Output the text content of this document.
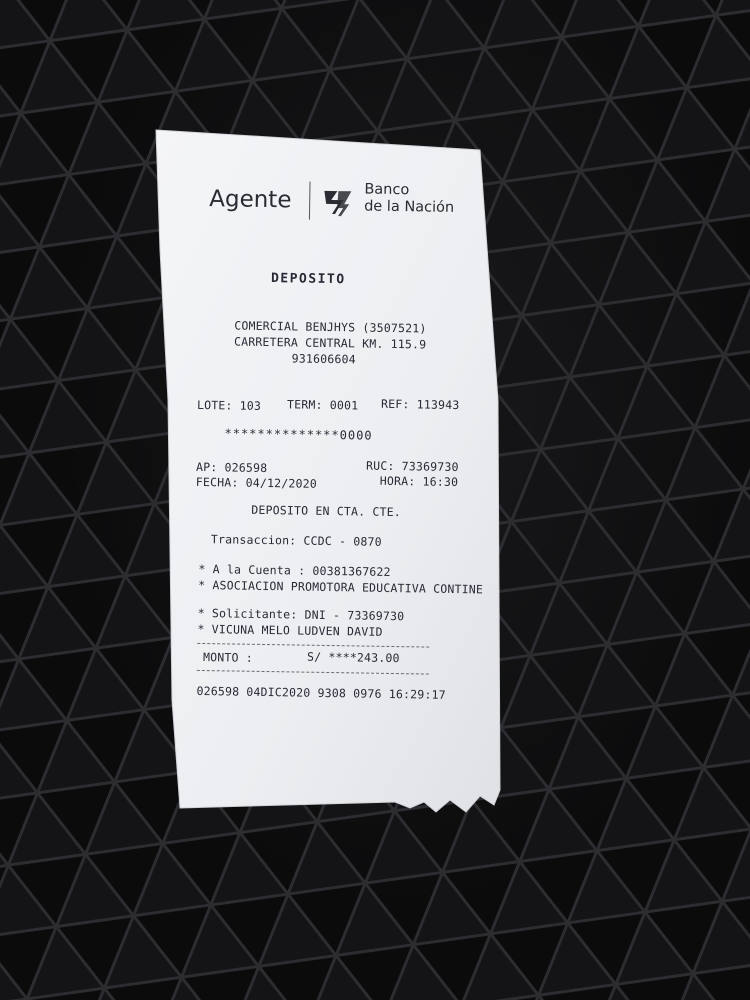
Agente	Banco
de la Nación
DEPOSITO
COMERCIAL BENJHYS (3507521)
CARRETERA CENTRAL KM. 115.9
931606604
LOTE: 103 TERM: 0001 REF: 113943
**************0000
AP: 026598	RUC: 73369730
FECHA: 04/12/2020	HORA: 16:30
DEPOSITO EN CTA. CTE.
Transaccion: CCDC - 0870
* A la Cuenta : 00381367622
* ASOCIACION PROMOTORA EDUCATIVA CONTINE
* Solicitante: DNI - 73369730
* VICUNA MELO LUDVEN DAVID
MONTO :	S/ ****243.00
026598 04DIC2020 9308 0976 16:29:17
